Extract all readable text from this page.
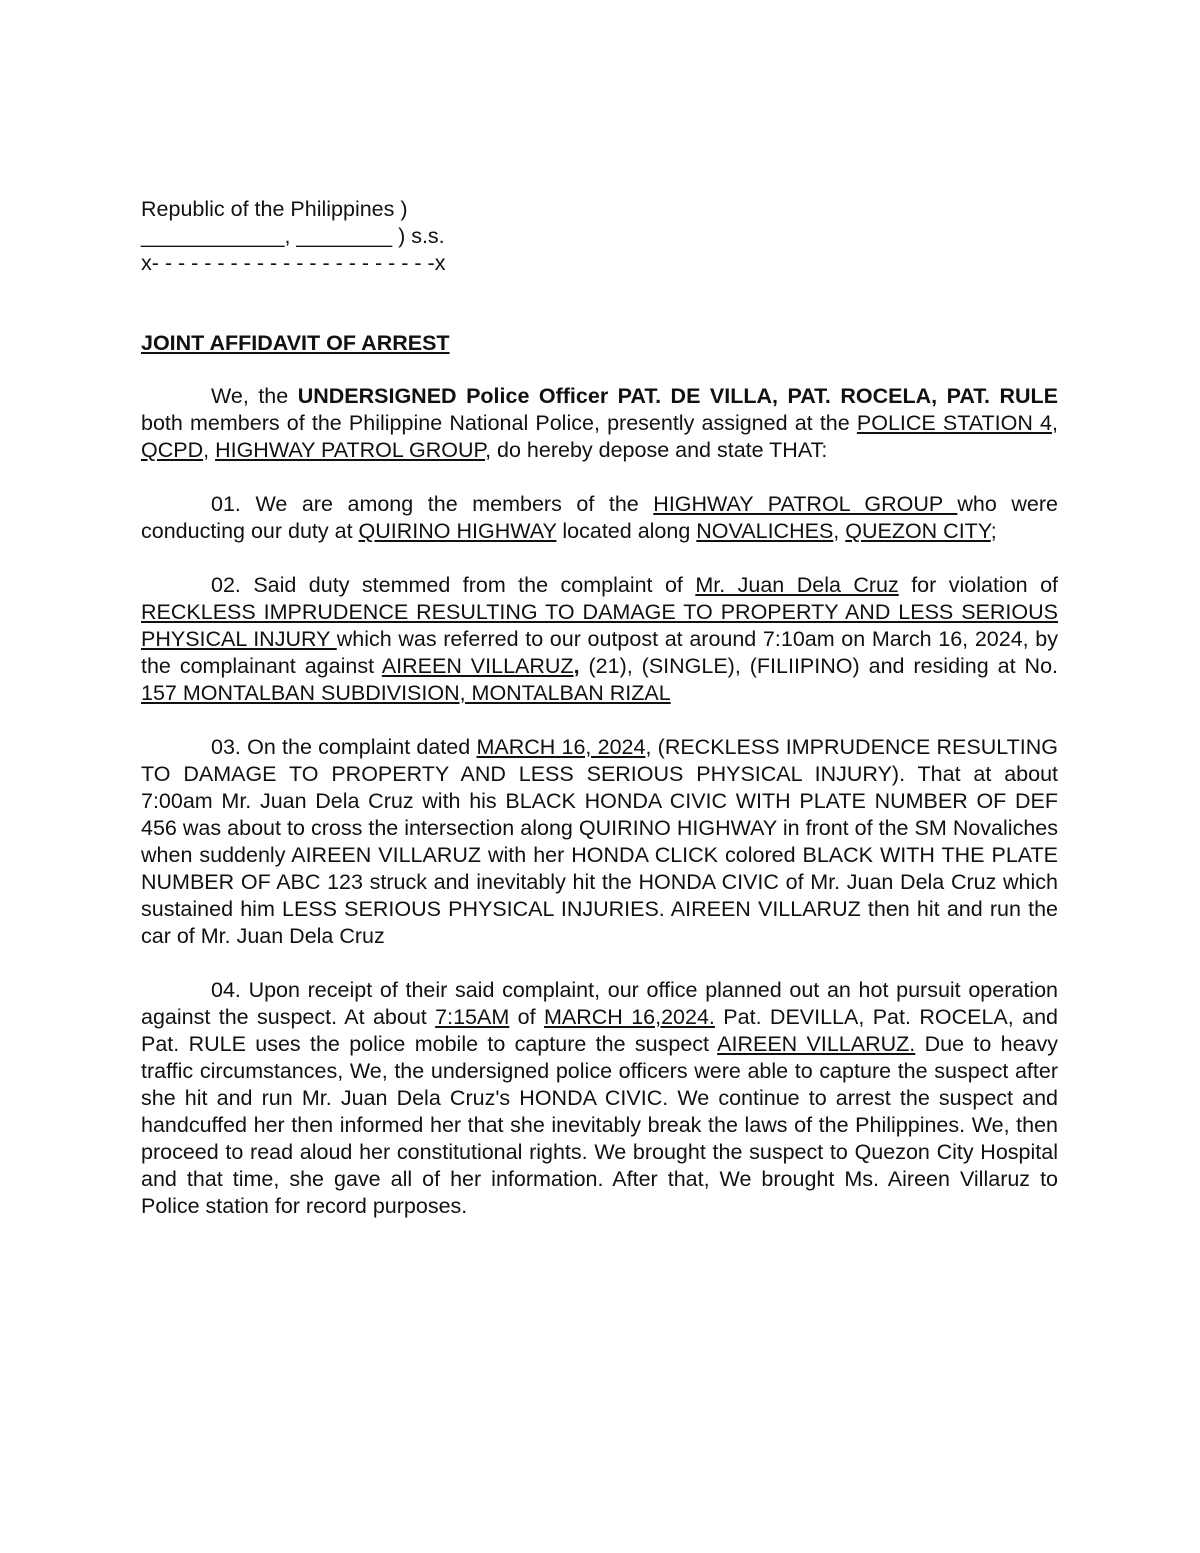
Republic of the Philippines )
____________, ________ ) s.s.
x- - - - - - - - - - - - - - - - - - - - - -x
JOINT AFFIDAVIT OF ARREST

We, the UNDERSIGNED Police Officer PAT. DE VILLA, PAT. ROCELA, PAT. RULE both members of the Philippine National Police, presently assigned at the POLICE STATION 4, QCPD, HIGHWAY PATROL GROUP, do hereby depose and state THAT:

01. We are among the members of the HIGHWAY PATROL GROUP who were conducting our duty at QUIRINO HIGHWAY located along NOVALICHES, QUEZON CITY;

02. Said duty stemmed from the complaint of Mr. Juan Dela Cruz for violation of RECKLESS IMPRUDENCE RESULTING TO DAMAGE TO PROPERTY AND LESS SERIOUS PHYSICAL INJURY which was referred to our outpost at around 7:10am on March 16, 2024, by the complainant against AIREEN VILLARUZ, (21), (SINGLE), (FILIIPINO) and residing at No. 157 MONTALBAN SUBDIVISION, MONTALBAN RIZAL

03. On the complaint dated MARCH 16, 2024, (RECKLESS IMPRUDENCE RESULTING TO DAMAGE TO PROPERTY AND LESS SERIOUS PHYSICAL INJURY). That at about 7:00am Mr. Juan Dela Cruz with his BLACK HONDA CIVIC WITH PLATE NUMBER OF DEF 456 was about to cross the intersection along QUIRINO HIGHWAY in front of the SM Novaliches when suddenly AIREEN VILLARUZ with her HONDA CLICK colored BLACK WITH THE PLATE NUMBER OF ABC 123 struck and inevitably hit the HONDA CIVIC of Mr. Juan Dela Cruz which sustained him LESS SERIOUS PHYSICAL INJURIES. AIREEN VILLARUZ then hit and run the car of Mr. Juan Dela Cruz

04. Upon receipt of their said complaint, our office planned out an hot pursuit operation against the suspect. At about 7:15AM of MARCH 16,2024. Pat. DEVILLA, Pat. ROCELA, and Pat. RULE uses the police mobile to capture the suspect AIREEN VILLARUZ. Due to heavy traffic circumstances, We, the undersigned police officers were able to capture the suspect after she hit and run Mr. Juan Dela Cruz's HONDA CIVIC. We continue to arrest the suspect and handcuffed her then informed her that she inevitably break the laws of the Philippines. We, then proceed to read aloud her constitutional rights. We brought the suspect to Quezon City Hospital and that time, she gave all of her information. After that, We brought Ms. Aireen Villaruz to Police station for record purposes.
